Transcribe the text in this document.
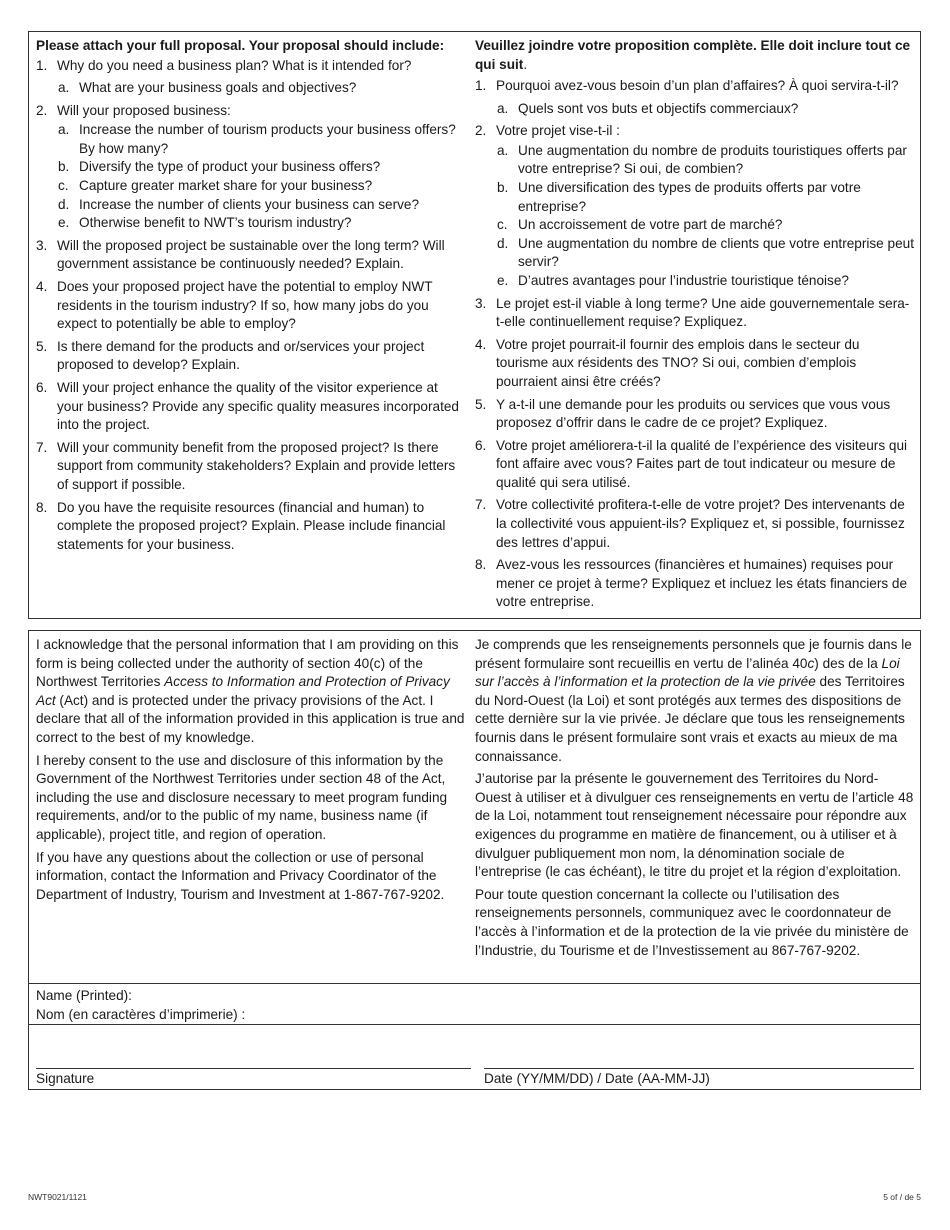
Please attach your full proposal. Your proposal should include:
1. Why do you need a business plan? What is it intended for?
a. What are your business goals and objectives?
2. Will your proposed business:
a. Increase the number of tourism products your business offers? By how many?
b. Diversify the type of product your business offers?
c. Capture greater market share for your business?
d. Increase the number of clients your business can serve?
e. Otherwise benefit to NWT’s tourism industry?
3. Will the proposed project be sustainable over the long term? Will government assistance be continuously needed? Explain.
4. Does your proposed project have the potential to employ NWT residents in the tourism industry? If so, how many jobs do you expect to potentially be able to employ?
5. Is there demand for the products and or/services your project proposed to develop? Explain.
6. Will your project enhance the quality of the visitor experience at your business? Provide any specific quality measures incorporated into the project.
7. Will your community benefit from the proposed project? Is there support from community stakeholders? Explain and provide letters of support if possible.
8. Do you have the requisite resources (financial and human) to complete the proposed project? Explain. Please include financial statements for your business.
Veuillez joindre votre proposition complète. Elle doit inclure tout ce qui suit.
1. Pourquoi avez-vous besoin d’un plan d’affaires? À quoi servira-t-il?
a. Quels sont vos buts et objectifs commerciaux?
2. Votre projet vise-t-il :
a. Une augmentation du nombre de produits touristiques offerts par votre entreprise? Si oui, de combien?
b. Une diversification des types de produits offerts par votre entreprise?
c. Un accroissement de votre part de marché?
d. Une augmentation du nombre de clients que votre entreprise peut servir?
e. D’autres avantages pour l’industrie touristique ténoise?
3. Le projet est-il viable à long terme? Une aide gouvernementale sera-t-elle continuellement requise? Expliquez.
4. Votre projet pourrait-il fournir des emplois dans le secteur du tourisme aux résidents des TNO? Si oui, combien d’emplois pourraient ainsi être créés?
5. Y a-t-il une demande pour les produits ou services que vous vous proposez d’offrir dans le cadre de ce projet? Expliquez.
6. Votre projet améliorera-t-il la qualité de l’expérience des visiteurs qui font affaire avec vous? Faites part de tout indicateur ou mesure de qualité qui sera utilisé.
7. Votre collectivité profitera-t-elle de votre projet? Des intervenants de la collectivité vous appuient-ils? Expliquez et, si possible, fournissez des lettres d’appui.
8. Avez-vous les ressources (financières et humaines) requises pour mener ce projet à terme? Expliquez et incluez les états financiers de votre entreprise.

I acknowledge that the personal information that I am providing on this form is being collected under the authority of section 40(c) of the Northwest Territories Access to Information and Protection of Privacy Act (Act) and is protected under the privacy provisions of the Act. I declare that all of the information provided in this application is true and correct to the best of my knowledge.

I hereby consent to the use and disclosure of this information by the Government of the Northwest Territories under section 48 of the Act, including the use and disclosure necessary to meet program funding requirements, and/or to the public of my name, business name (if applicable), project title, and region of operation.

If you have any questions about the collection or use of personal information, contact the Information and Privacy Coordinator of the Department of Industry, Tourism and Investment at 1-867-767-9202.

Je comprends que les renseignements personnels que je fournis dans le présent formulaire sont recueillis en vertu de l’alinéa 40c) des de la Loi sur l’accès à l’information et la protection de la vie privée des Territoires du Nord-Ouest (la Loi) et sont protégés aux termes des dispositions de cette dernière sur la vie privée. Je déclare que tous les renseignements fournis dans le présent formulaire sont vrais et exacts au mieux de ma connaissance.

J’autorise par la présente le gouvernement des Territoires du Nord-Ouest à utiliser et à divulguer ces renseignements en vertu de l’article 48 de la Loi, notamment tout renseignement nécessaire pour répondre aux exigences du programme en matière de financement, ou à utiliser et à divulguer publiquement mon nom, la dénomination sociale de l’entreprise (le cas échéant), le titre du projet et la région d’exploitation.

Pour toute question concernant la collecte ou l’utilisation des renseignements personnels, communiquez avec le coordonnateur de l’accès à l’information et de la protection de la vie privée du ministère de l’Industrie, du Tourisme et de l’Investissement au 867-767-9202.

Name (Printed):
Nom (en caractères d’imprimerie) :
Signature	Date (YY/MM/DD) / Date (AA-MM-JJ)
NWT9021/1121	5 of / de 5
